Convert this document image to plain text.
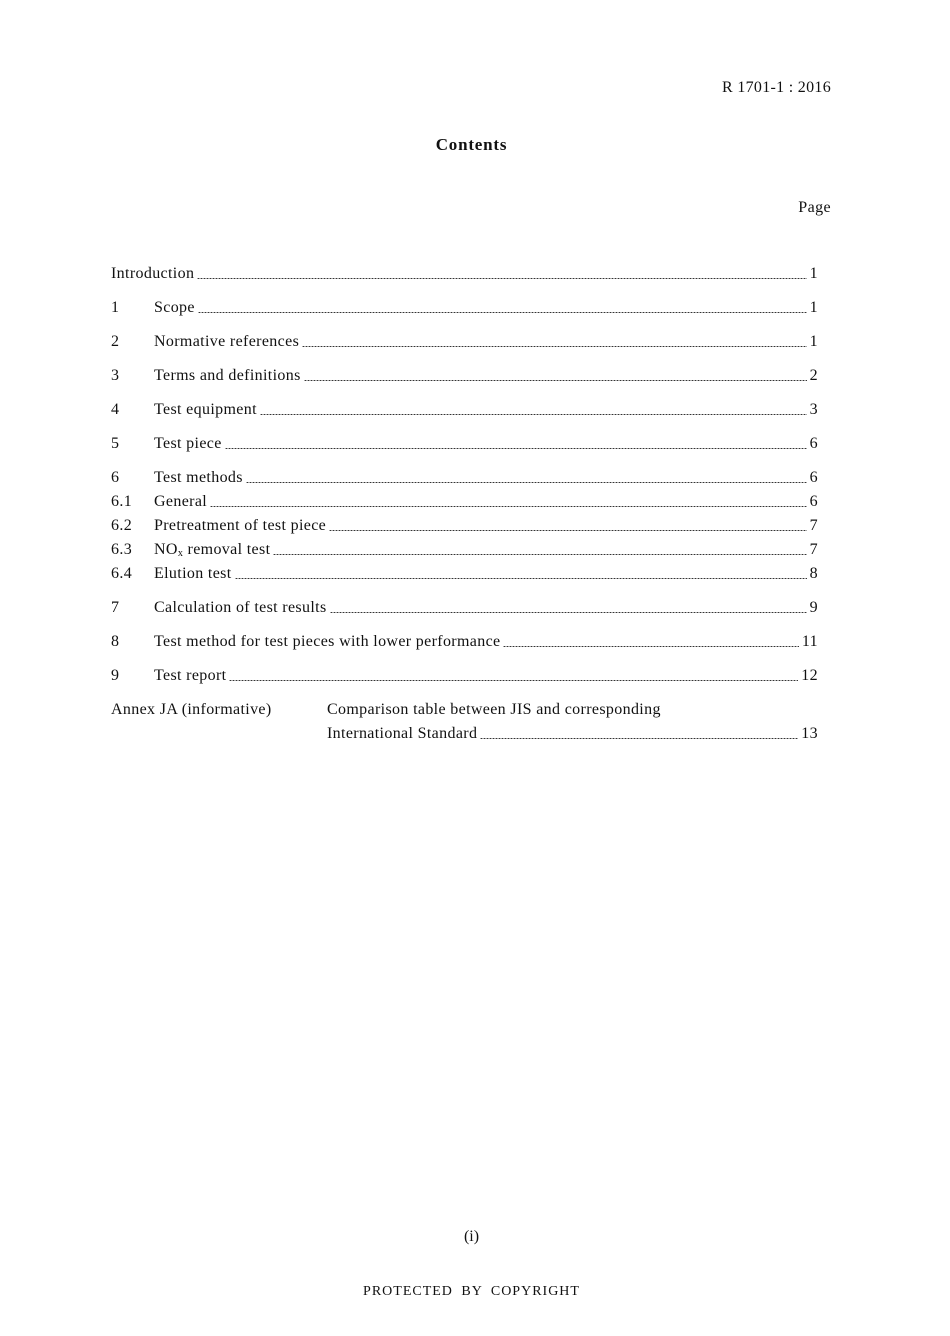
R 1701-1 : 2016
Contents
Page
Introduction	1
1	Scope	1
2	Normative references	1
3	Terms and definitions	2
4	Test equipment	3
5	Test piece	6
6	Test methods	6
6.1	General	6
6.2	Pretreatment of test piece	7
6.3	$NO_x$ removal test	7
6.4	Elution test	8
7	Calculation of test results	9
8	Test method for test pieces with lower performance	11
9	Test report	12
Annex JA (informative)	Comparison table between JIS and corresponding
International Standard	13
(i)
PROTECTED BY COPYRIGHT
